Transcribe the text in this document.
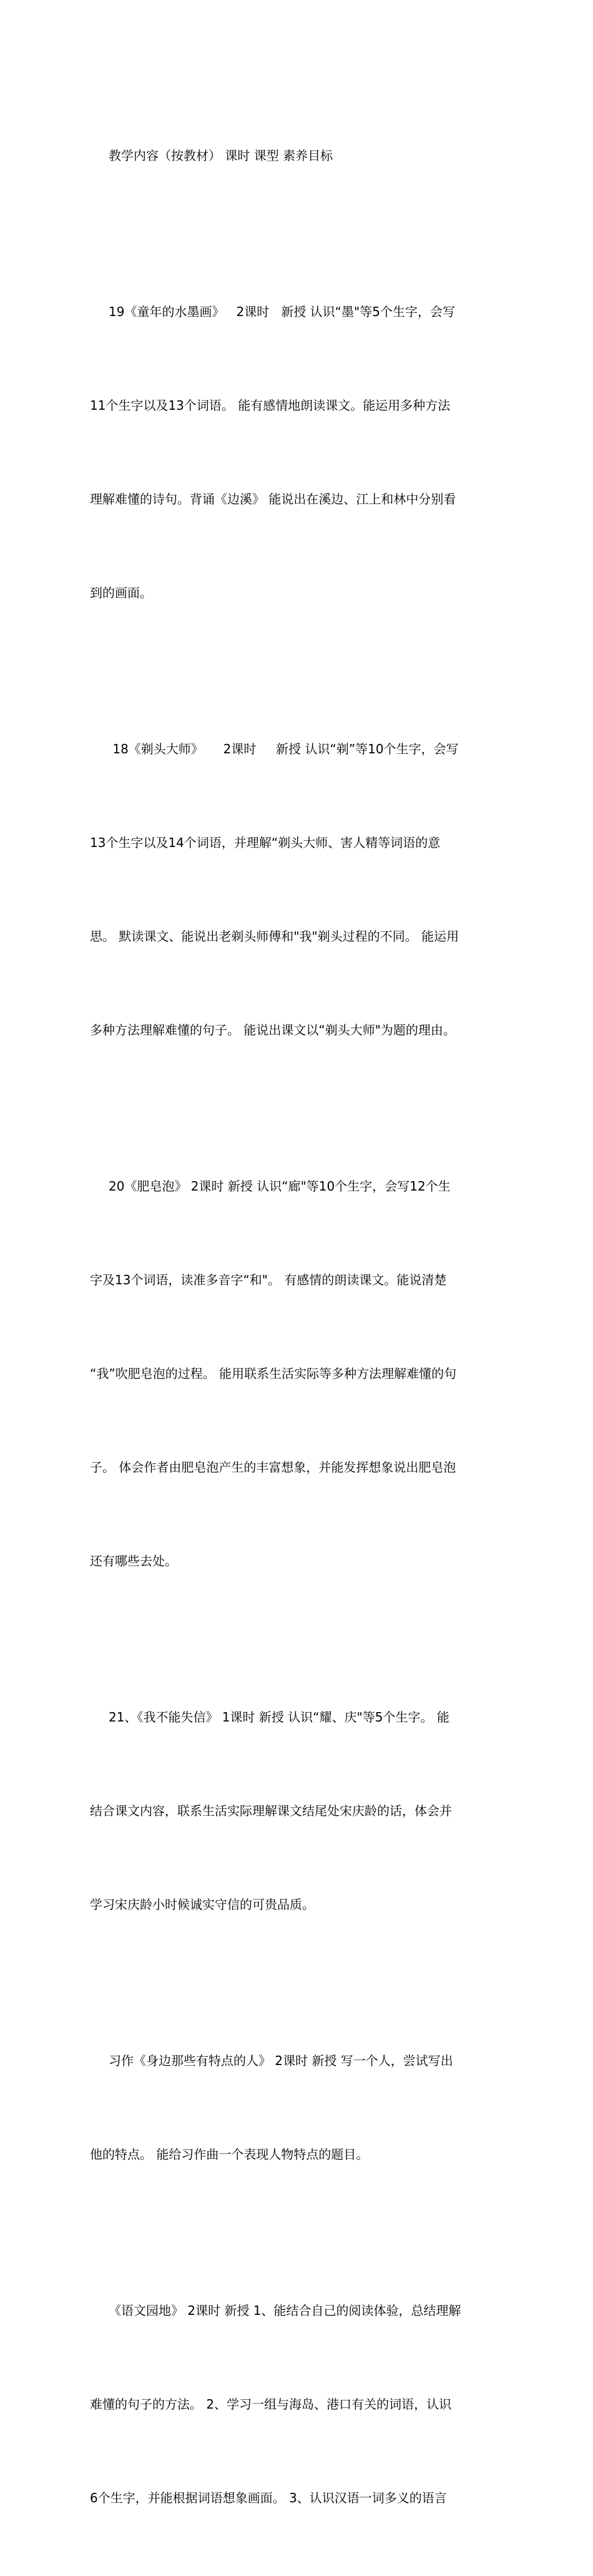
教学内容（按教材） 课时 课型 素养目标

19《童年的水墨画》   2课时   新授 认识“墨"等5个生字，会写

11个生字以及13个词语。 能有感情地朗读课文。能运用多种方法

理解难懂的诗句。背诵《边溪》 能说出在溪边、江上和林中分别看

到的画面。

18《剃头大师》     2课时     新授 认识“剃”等10个生字，会写

13个生字以及14个词语，并理解“剃头大师、害人精等词语的意

思。 默读课文、能说出老剃头师傅和"我"剃头过程的不同。 能运用

多种方法理解难懂的句子。 能说出课文以“剃头大师"为题的理由。

20《肥皂泡》 2课时 新授 认识“廊"等10个生字，会写12个生

字及13个词语，读准多音字“和"。 有感情的朗读课文。能说清楚

“我”吹肥皂泡的过程。 能用联系生活实际等多种方法理解难懂的句

子。 体会作者由肥皂泡产生的丰富想象，并能发挥想象说出肥皂泡

还有哪些去处。

21、《我不能失信》 1课时 新授 认识“耀、庆"等5个生字。 能

结合课文内容，联系生活实际理解课文结尾处宋庆龄的话，体会并

学习宋庆龄小时候诚实守信的可贵品质。

习作《身边那些有特点的人》 2课时 新授 写一个人，尝试写出

他的特点。 能给习作曲一个表现人物特点的题目。

《语文园地》 2课时 新授 1、能结合自己的阅读体验，总结理解

难懂的句子的方法。 2、学习一组与海岛、港口有关的词语，认识

6个生字，并能根据词语想象画面。 3、认识汉语一词多义的语言
